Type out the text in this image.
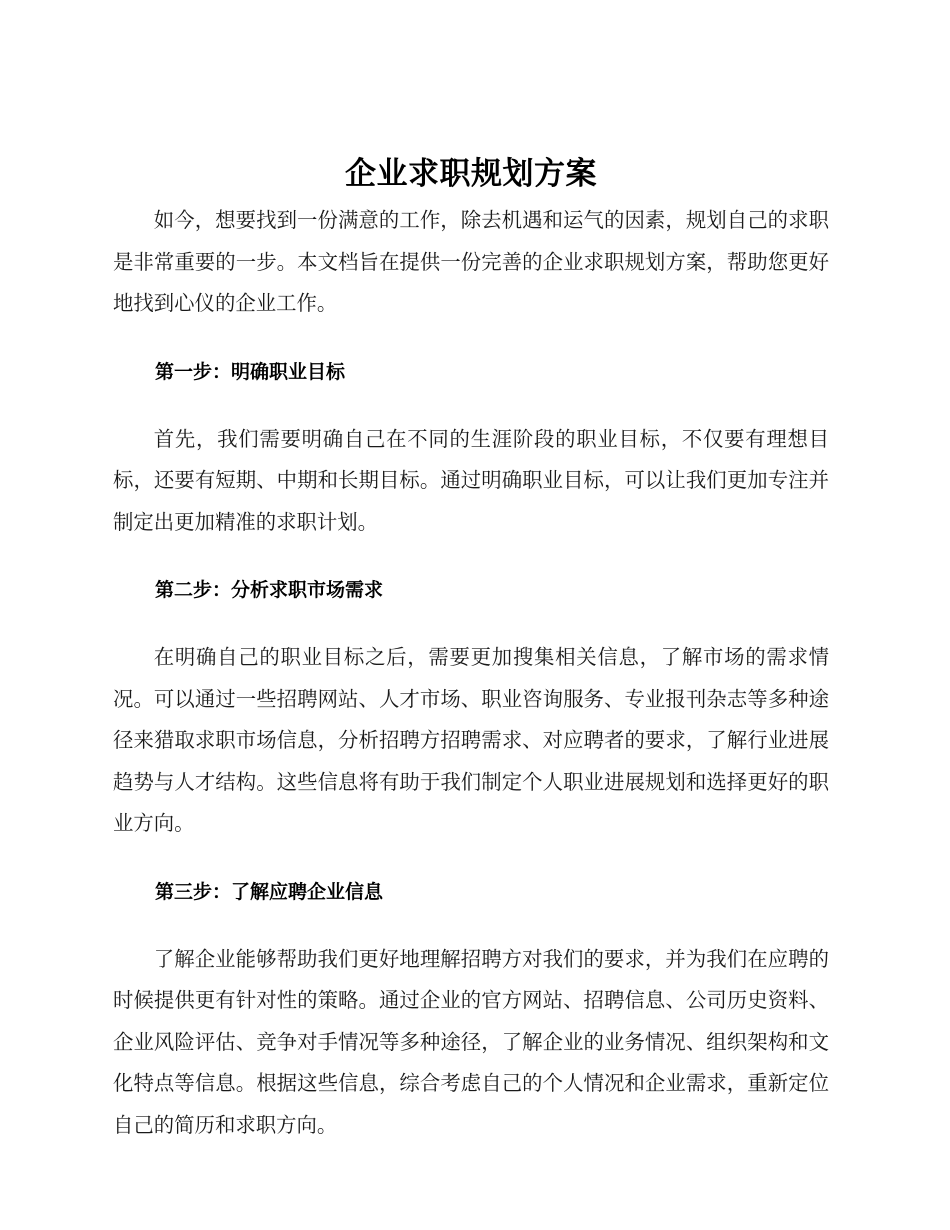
企业求职规划方案

如今，想要找到一份满意的工作，除去机遇和运气的因素，规划自己的求职是非常重要的一步。本文档旨在提供一份完善的企业求职规划方案，帮助您更好地找到心仪的企业工作。

第一步：明确职业目标

首先，我们需要明确自己在不同的生涯阶段的职业目标，不仅要有理想目标，还要有短期、中期和长期目标。通过明确职业目标，可以让我们更加专注并制定出更加精准的求职计划。

第二步：分析求职市场需求

在明确自己的职业目标之后，需要更加搜集相关信息，了解市场的需求情况。可以通过一些招聘网站、人才市场、职业咨询服务、专业报刊杂志等多种途径来猎取求职市场信息，分析招聘方招聘需求、对应聘者的要求，了解行业进展趋势与人才结构。这些信息将有助于我们制定个人职业进展规划和选择更好的职业方向。

第三步：了解应聘企业信息

了解企业能够帮助我们更好地理解招聘方对我们的要求，并为我们在应聘的时候提供更有针对性的策略。通过企业的官方网站、招聘信息、公司历史资料、企业风险评估、竞争对手情况等多种途径，了解企业的业务情况、组织架构和文化特点等信息。根据这些信息，综合考虑自己的个人情况和企业需求，重新定位自己的简历和求职方向。
